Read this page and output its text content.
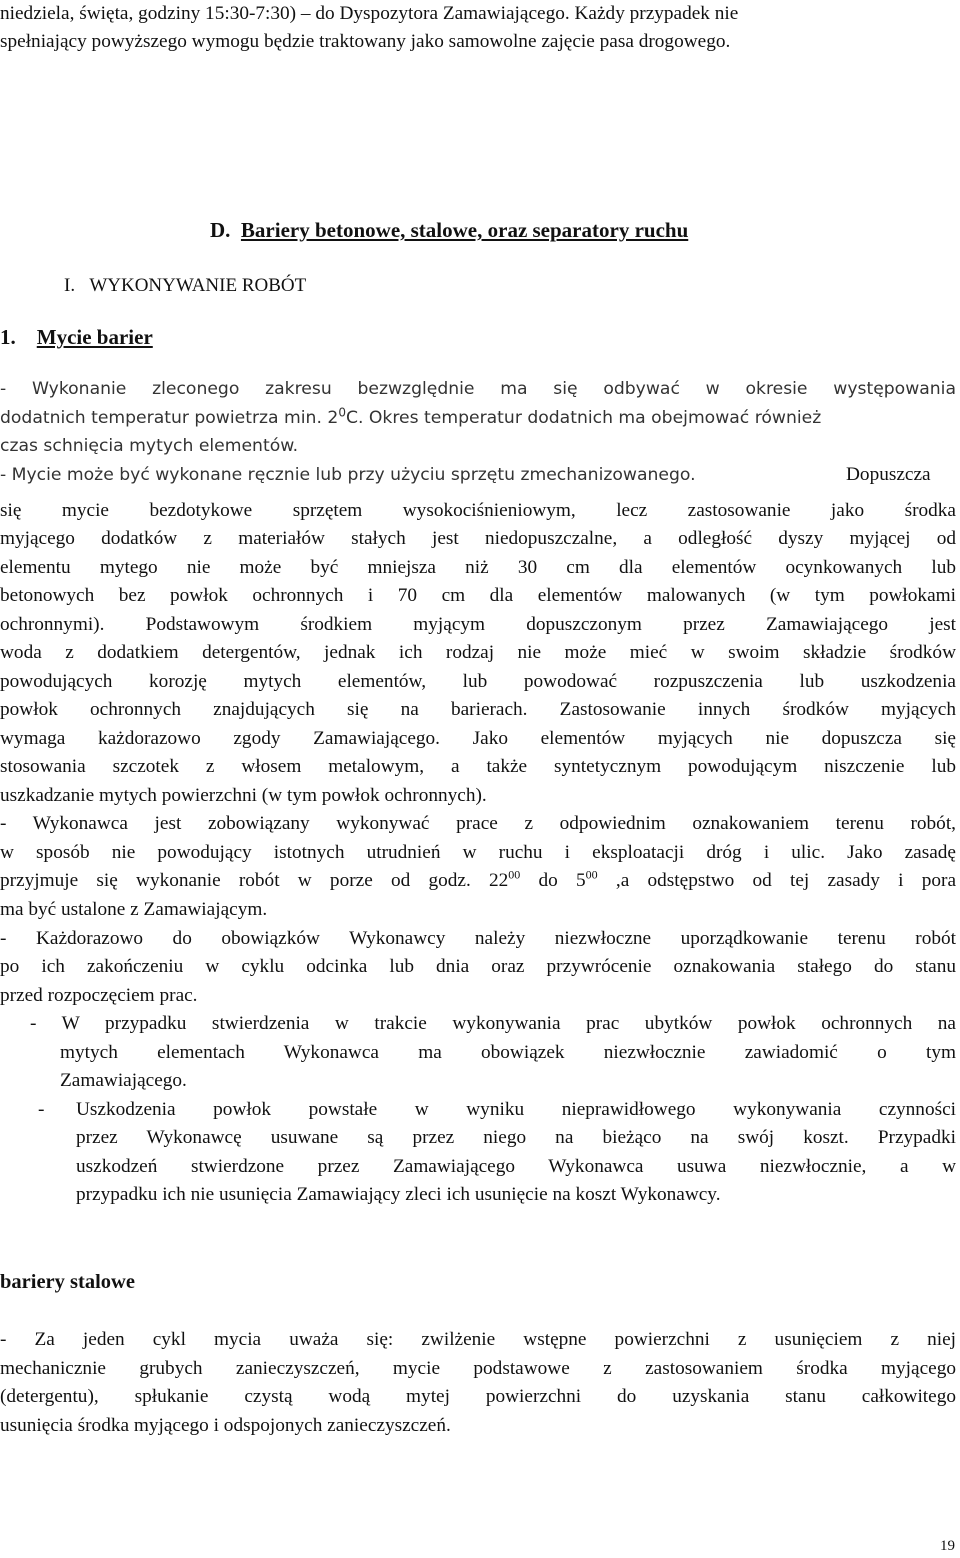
niedziela, święta, godziny 15:30-7:30) – do Dyspozytora Zamawiającego. Każdy przypadek nie
spełniający powyższego wymogu będzie traktowany jako samowolne zajęcie pasa drogowego.
D. Bariery betonowe, stalowe, oraz separatory ruchu
I. WYKONYWANIE ROBÓT
1. Mycie barier
- Wykonanie zleconego zakresu bezwzględnie ma się odbywać w okresie występowania
dodatnich temperatur powietrza min. $2^0C$. Okres temperatur dodatnich ma obejmować również
czas schnięcia mytych elementów.
- Mycie może być wykonane ręcznie lub przy użyciu sprzętu zmechanizowanego.	Dopuszcza
się mycie bezdotykowe sprzętem wysokociśnieniowym, lecz zastosowanie jako środka
myjącego dodatków z materiałów stałych jest niedopuszczalne, a odległość dyszy myjącej od
elementu mytego nie może być mniejsza niż 30 cm dla elementów ocynkowanych lub
betonowych bez powłok ochronnych i 70 cm dla elementów malowanych (w tym powłokami
ochronnymi). Podstawowym środkiem myjącym dopuszczonym przez Zamawiającego jest
woda z dodatkiem detergentów, jednak ich rodzaj nie może mieć w swoim składzie środków
powodujących korozję mytych elementów, lub powodować rozpuszczenia lub uszkodzenia
powłok ochronnych znajdujących się na barierach. Zastosowanie innych środków myjących
wymaga każdorazowo zgody Zamawiającego. Jako elementów myjących nie dopuszcza się
stosowania szczotek z włosem metalowym, a także syntetycznym powodującym niszczenie lub
uszkadzanie mytych powierzchni (w tym powłok ochronnych).
- Wykonawca jest zobowiązany wykonywać prace z odpowiednim oznakowaniem terenu robót,
w sposób nie powodujący istotnych utrudnień w ruchu i eksploatacji dróg i ulic. Jako zasadę
przyjmuje się wykonanie robót w porze od godz. $22^{00}$ do $5^{00}$ ,a odstępstwo od tej zasady i pora
ma być ustalone z Zamawiającym.
- Każdorazowo do obowiązków Wykonawcy należy niezwłoczne uporządkowanie terenu robót
po ich zakończeniu w cyklu odcinka lub dnia oraz przywrócenie oznakowania stałego do stanu
przed rozpoczęciem prac.
- W przypadku stwierdzenia w trakcie wykonywania prac ubytków powłok ochronnych na
mytych elementach Wykonawca ma obowiązek niezwłocznie zawiadomić o tym
Zamawiającego.
- Uszkodzenia powłok powstałe w wyniku nieprawidłowego wykonywania czynności
przez Wykonawcę usuwane są przez niego na bieżąco na swój koszt. Przypadki
uszkodzeń stwierdzone przez Zamawiającego Wykonawca usuwa niezwłocznie, a w
przypadku ich nie usunięcia Zamawiający zleci ich usunięcie na koszt Wykonawcy.
bariery stalowe
- Za jeden cykl mycia uważa się: zwilżenie wstępne powierzchni z usunięciem z niej
mechanicznie grubych zanieczyszczeń, mycie podstawowe z zastosowaniem środka myjącego
(detergentu), spłukanie czystą wodą mytej powierzchni do uzyskania stanu całkowitego
usunięcia środka myjącego i odspojonych zanieczyszczeń.
19
